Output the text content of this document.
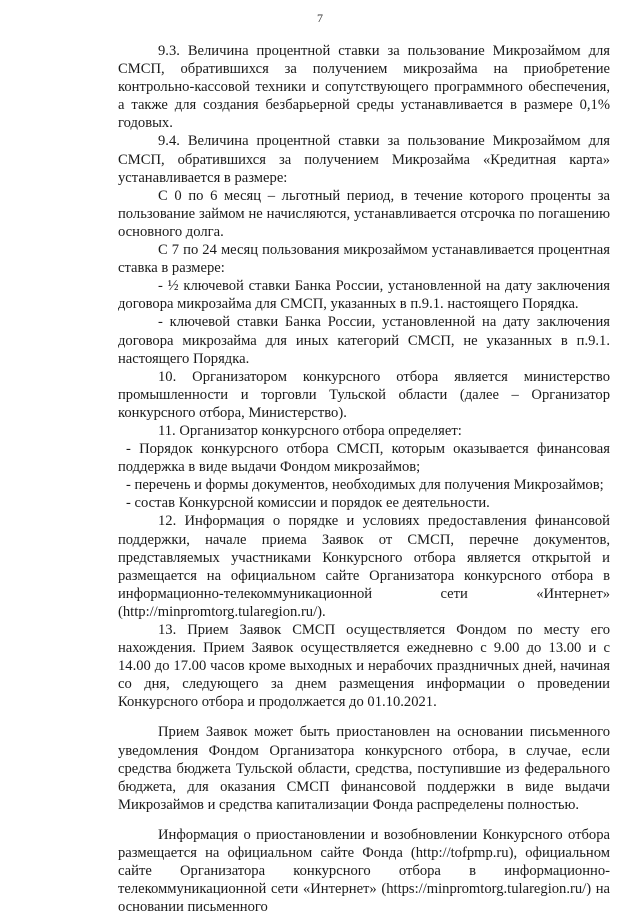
7

9.3. Величина процентной ставки за пользование Микрозаймом для СМСП, обратившихся за получением микрозайма на приобретение контрольно-кассовой техники и сопутствующего программного обеспечения, а также для создания безбарьерной среды устанавливается в размере 0,1% годовых.

9.4. Величина процентной ставки за пользование Микрозаймом для СМСП, обратившихся за получением Микрозайма «Кредитная карта» устанавливается в размере:

С 0 по 6 месяц – льготный период, в течение которого проценты за пользование займом не начисляются, устанавливается отсрочка по погашению основного долга.

С 7 по 24 месяц пользования микрозаймом устанавливается процентная ставка в размере:

- ½ ключевой ставки Банка России, установленной на дату заключения договора микрозайма для СМСП, указанных в п.9.1. настоящего Порядка.

- ключевой ставки Банка России, установленной на дату заключения договора микрозайма для иных категорий СМСП, не указанных в п.9.1. настоящего Порядка.

10. Организатором конкурсного отбора является министерство промышленности и торговли Тульской области (далее – Организатор конкурсного отбора, Министерство).

11. Организатор конкурсного отбора определяет:

- Порядок конкурсного отбора СМСП, которым оказывается финансовая поддержка в виде выдачи Фондом микрозаймов;

- перечень и формы документов, необходимых для получения Микрозаймов;

- состав Конкурсной комиссии и порядок ее деятельности.

12. Информация о порядке и условиях предоставления финансовой поддержки, начале приема Заявок от СМСП, перечне документов, представляемых участниками Конкурсного отбора является открытой и размещается на официальном сайте Организатора конкурсного отбора в информационно-телекоммуникационной сети «Интернет» (http://minpromtorg.tularegion.ru/).

13. Прием Заявок СМСП осуществляется Фондом по месту его нахождения. Прием Заявок осуществляется ежедневно с 9.00 до 13.00 и с 14.00 до 17.00 часов кроме выходных и нерабочих праздничных дней, начиная со дня, следующего за днем размещения информации о проведении Конкурсного отбора и продолжается до 01.10.2021.

Прием Заявок может быть приостановлен на основании письменного уведомления Фондом Организатора конкурсного отбора, в случае, если средства бюджета Тульской области, средства, поступившие из федерального бюджета, для оказания СМСП финансовой поддержки в виде выдачи Микрозаймов и средства капитализации Фонда распределены полностью.

Информация о приостановлении и возобновлении Конкурсного отбора размещается на официальном сайте Фонда (http://tofpmp.ru), официальном сайте Организатора конкурсного отбора в информационно-телекоммуникационной сети «Интернет» (https://minpromtorg.tularegion.ru/) на основании письменного
